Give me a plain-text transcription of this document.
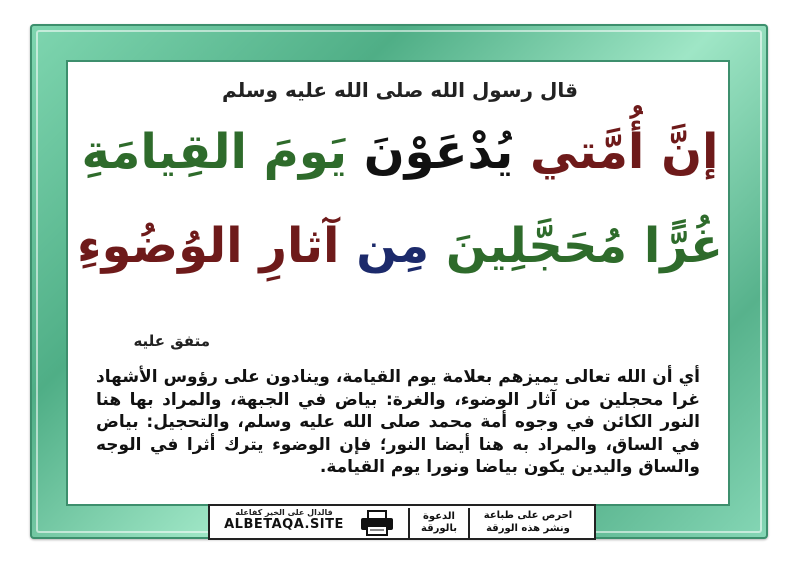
قال رسول الله صلى الله عليه وسلم
إنَّ أُمَّتي يُدْعَوْنَ يَومَ القِيامَةِ
غُرًّا مُحَجَّلِينَ مِن آثارِ الوُضُوءِ
متفق عليه
أي أن الله تعالى يميزهم بعلامة يوم القيامة، وينادون على رؤوس الأشهاد غرا محجلين من آثار الوضوء، والغرة: بياض في الجبهة، والمراد بها هنا النور الكائن في وجوه أمة محمد صلى الله عليه وسلم، والتحجيل: بياض في الساق، والمراد به هنا أيضا النور؛ فإن الوضوء يترك أثرا في الوجه والساق واليدين يكون بياضا ونورا يوم القيامة.
فالدال على الخير كفاعله
ALBETAQA.SITE
الدعوة
بالورقة
احرص على طباعة
ونشر هذه الورقة
